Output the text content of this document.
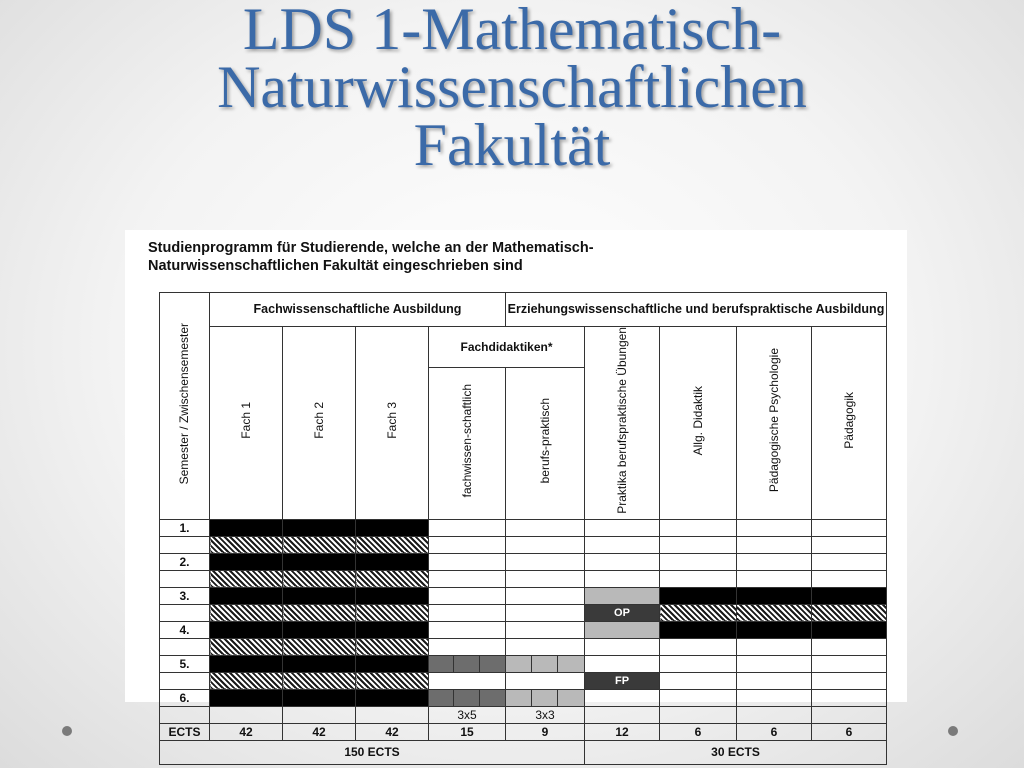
LDS 1-Mathematisch-
Naturwissenschaftlichen
Fakultät
Studienprogramm für Studierende, welche an der Mathematisch-
Naturwissenschaftlichen Fakultät eingeschrieben sind
Semester / Zwischensemester	Fachwissenschaftliche Ausbildung						Erziehungswissenschaftliche und berufspraktische Ausbildung						
	Fach 1	Fach 2	Fach 3	Fachdidaktiken*						Praktika berufspraktische Übungen	Allg. Didaktik	Pädagogische Psychologie	Pädagogik
				fachwissen-schaftlich			berufs-praktisch						
1.													

2.													

3.													
										OP			
4.													

5.													
										FP			
6.													
				3x5			3x3						
ECTS	42	42	42	15			9			12	6	6	6
150 ECTS										30 ECTS			
